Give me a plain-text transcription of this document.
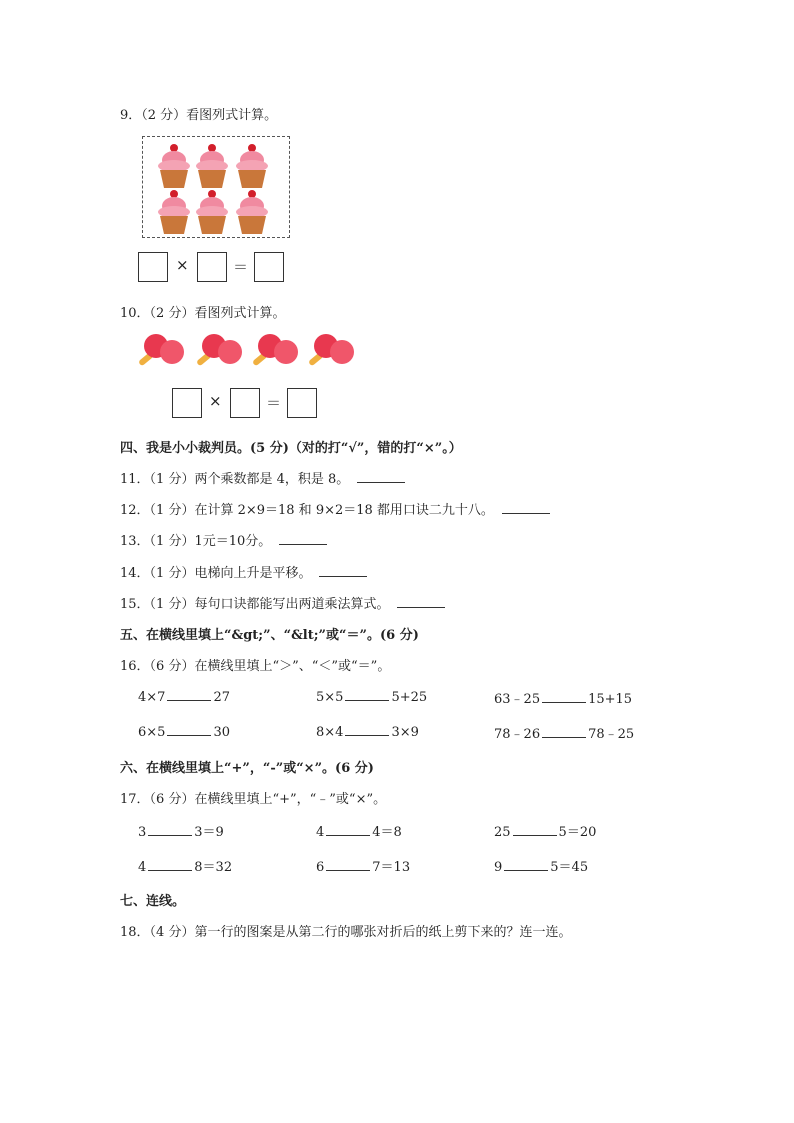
9．（2 分）看图列式计算。
×	＝
10．（2 分）看图列式计算。
×	＝
四、我是小小裁判员。(5 分)（对的打“√”，错的打“×”。）
11．（1 分）两个乘数都是 4，积是 8。
12．（1 分）在计算 2×9＝18 和 9×2＝18 都用口诀二九十八。
13．（1 分）1元＝10分。
14．（1 分）电梯向上升是平移。
15．（1 分）每句口诀都能写出两道乘法算式。
五、在横线里填上“&gt;”、“&lt;”或“＝”。(6 分)
16．（6 分）在横线里填上“＞”、“＜”或“＝”。
4×7	27	5×5	5+25	63﹣25	15+15
6×5	30	8×4	3×9	78﹣26	78﹣25
六、在横线里填上“+”，“-”或“×”。(6 分)
17．（6 分）在横线里填上“+”，“﹣”或“×”。
3	3＝9	4	4＝8	25	5＝20
4	8＝32	6	7＝13	9	5＝45
七、连线。
18．（4 分）第一行的图案是从第二行的哪张对折后的纸上剪下来的？连一连。
